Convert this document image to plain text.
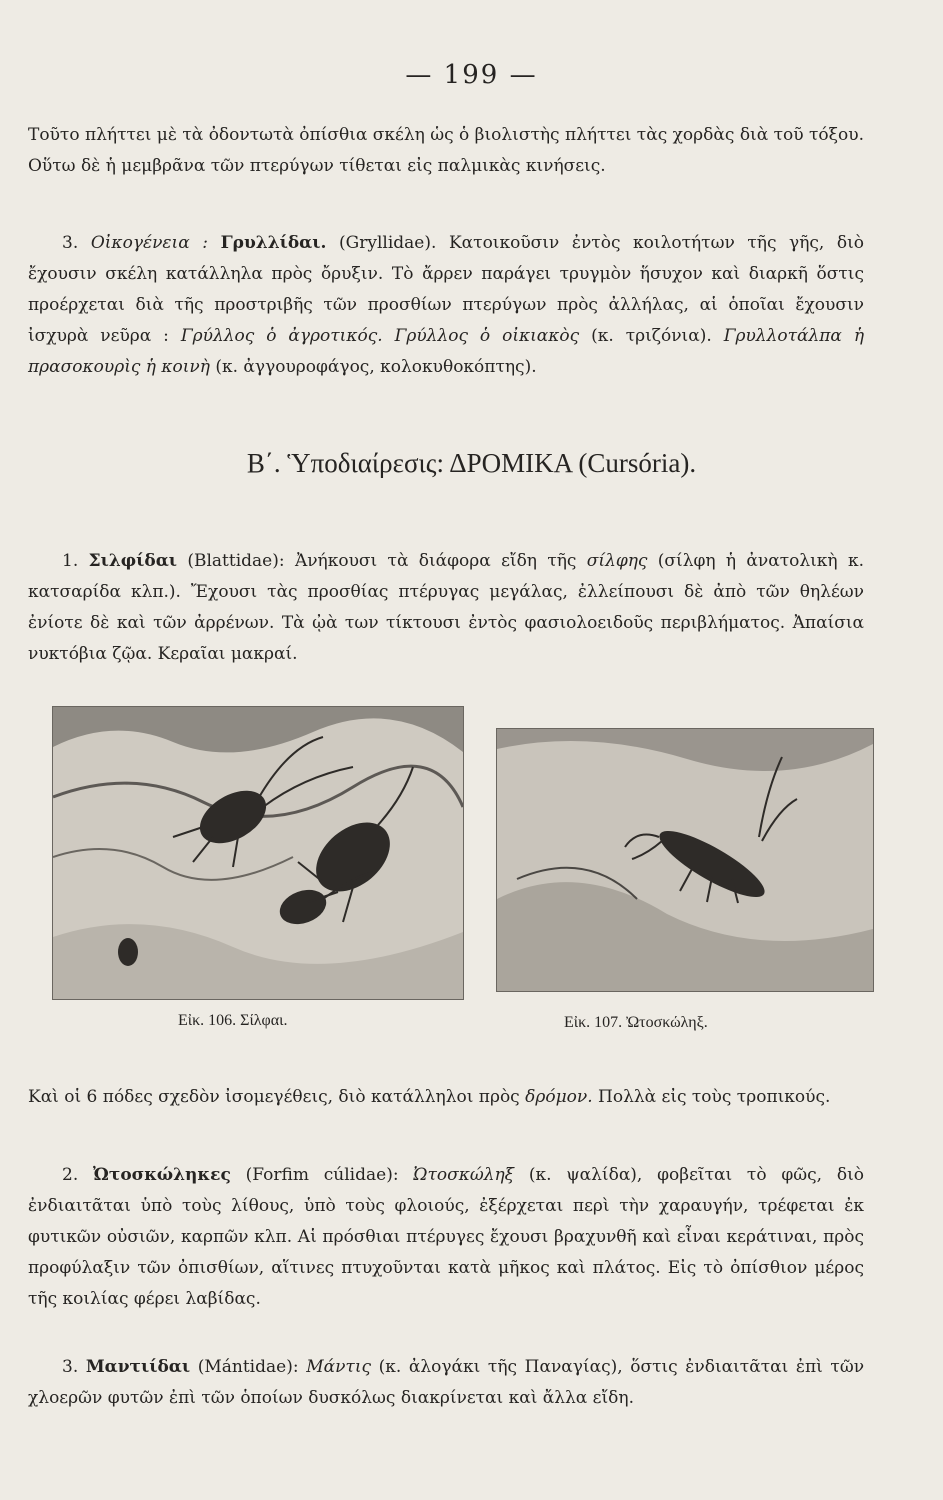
— 199 —

Τοῦτο πλήττει μὲ τὰ ὀδοντωτὰ ὀπίσθια σκέλη ὡς ὁ βιολιστὴς πλήττει τὰς χορδὰς διὰ τοῦ τόξου. Οὕτω δὲ ἡ μεμβρᾶνα τῶν πτερύγων τίθεται εἰς παλμικὰς κινήσεις.

3. Οἰκογένεια : Γρυλλίδαι. (Gryllidae). Κατοικοῦσιν ἐντὸς κοιλοτήτων τῆς γῆς, διὸ ἔχουσιν σκέλη κατάλληλα πρὸς ὄρυξιν. Τὸ ἄρρεν παράγει τρυγμὸν ἥσυχον καὶ διαρκῆ ὅστις προέρχεται διὰ τῆς προστριβῆς τῶν προσθίων πτερύγων πρὸς ἀλλήλας, αἱ ὁποῖαι ἔχουσιν ἰσχυρὰ νεῦρα : Γρύλλος ὁ ἀγροτικός. Γρύλλος ὁ οἰκιακὸς (κ. τριζόνια). Γρυλλοτάλπα ἡ πρασοκουρὶς ἡ κοινὴ (κ. ἀγγουροφάγος, κολοκυθοκόπτης).

Β΄. Ὑποδιαίρεσις: ΔΡΟΜΙΚΑ (Cursória).

1. Σιλφίδαι (Blattidae): Ἀνήκουσι τὰ διάφορα εἴδη τῆς σίλφης (σίλφη ἡ ἀνατολικὴ κ. κατσαρίδα κλπ.). Ἔχουσι τὰς προσθίας πτέρυγας μεγάλας, ἐλλείπουσι δὲ ἀπὸ τῶν θηλέων ἐνίοτε δὲ καὶ τῶν ἀρρένων. Τὰ ᾠὰ των τίκτουσι ἐντὸς φασιολοειδοῦς περιβλήματος. Ἀπαίσια νυκτόβια ζῷα. Κεραῖαι μακραί.

Εἰκ. 106. Σίλφαι.	Εἰκ. 107. Ὠτοσκώληξ.

Καὶ οἱ 6 πόδες σχεδὸν ἰσομεγέθεις, διὸ κατάλληλοι πρὸς δρόμον. Πολλὰ εἰς τοὺς τροπικούς.

2. Ὠτοσκώληκες (Forfim cúlidae): Ὠτοσκώληξ (κ. ψαλίδα), φοβεῖται τὸ φῶς, διὸ ἐνδιαιτᾶται ὑπὸ τοὺς λίθους, ὑπὸ τοὺς φλοιούς, ἐξέρχεται περὶ τὴν χαραυγήν, τρέφεται ἐκ φυτικῶν οὐσιῶν, καρπῶν κλπ. Αἱ πρόσθιαι πτέρυγες ἔχουσι βραχυνθῆ καὶ εἶναι κεράτιναι, πρὸς προφύλαξιν τῶν ὀπισθίων, αἵτινες πτυχοῦνται κατὰ μῆκος καὶ πλάτος. Εἰς τὸ ὀπίσθιον μέρος τῆς κοιλίας φέρει λαβίδας.

3. Μαντιίδαι (Mántidae): Μάντις (κ. ἀλογάκι τῆς Παναγίας), ὅστις ἐνδιαιτᾶται ἐπὶ τῶν χλοερῶν φυτῶν ἐπὶ τῶν ὁποίων δυσκόλως διακρίνεται καὶ ἄλλα εἴδη.
